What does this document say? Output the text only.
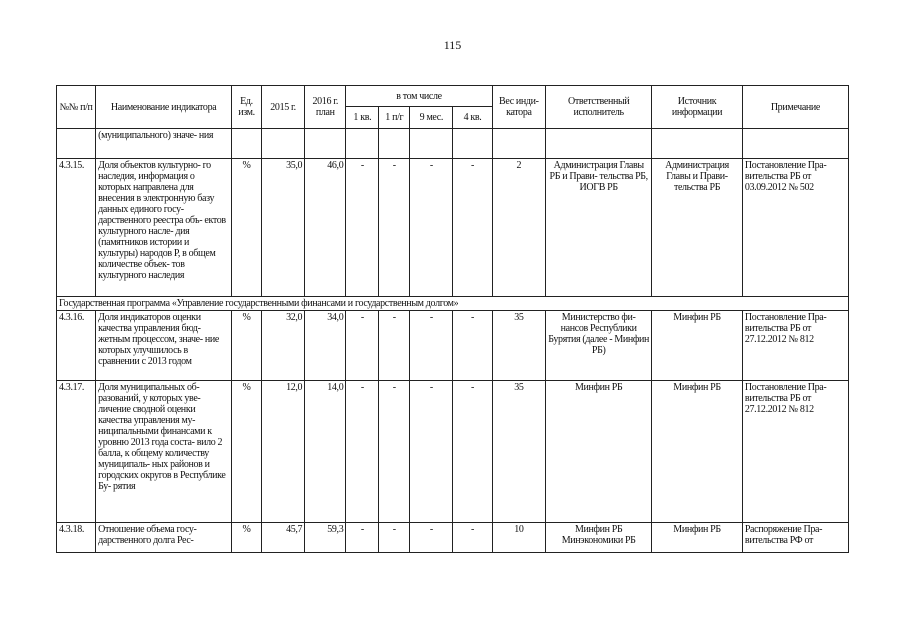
115
№№ п/п	Наименование индикатора	Ед. изм.	2015 г.	2016 г. план	в том числе				Вес инди- катора	Ответственный исполнитель	Источник информации	Примечание
					1 кв.	1 п/г	9 мес.	4 кв.				
	(муниципального) значе- ния											
4.3.15.	Доля объектов культурно- го наследия, информация о которых направлена для внесения в электронную базу данных единого госу- дарственного реестра объ- ектов культурного насле- дия (памятников истории и культуры) народов Р, в общем количестве объек- тов культурного наследия	%	35,0	46,0	-	-	-	-	2	Администрация Главы РБ и Прави- тельства РБ, ИОГВ РБ	Администрация Главы и Прави- тельства РБ	Постановление Пра- вительства РБ от 03.09.2012 № 502
Государственная программа «Управление государственными финансами и государственным долгом»												
4.3.16.	Доля индикаторов оценки качества управления бюд- жетным процессом, значе- ние которых улучшилось в сравнении с 2013 годом	%	32,0	34,0	-	-	-	-	35	Министерство фи- нансов Республики Бурятия (далее - Минфин РБ)	Минфин РБ	Постановление Пра- вительства РБ от 27.12.2012 № 812
4.3.17.	Доля муниципальных об- разований, у которых уве- личение сводной оценки качества управления му- ниципальными финансами к уровню 2013 года соста- вило 2 балла, к общему количеству муниципаль- ных районов и городских округов в Республике Бу- рятия	%	12,0	14,0	-	-	-	-	35	Минфин РБ	Минфин РБ	Постановление Пра- вительства РБ от 27.12.2012 № 812
4.3.18.	Отношение объема госу- дарственного долга Рес-	%	45,7	59,3	-	-	-	-	10	Минфин РБ Минэкономики РБ	Минфин РБ	Распоряжение Пра- вительства РФ от
